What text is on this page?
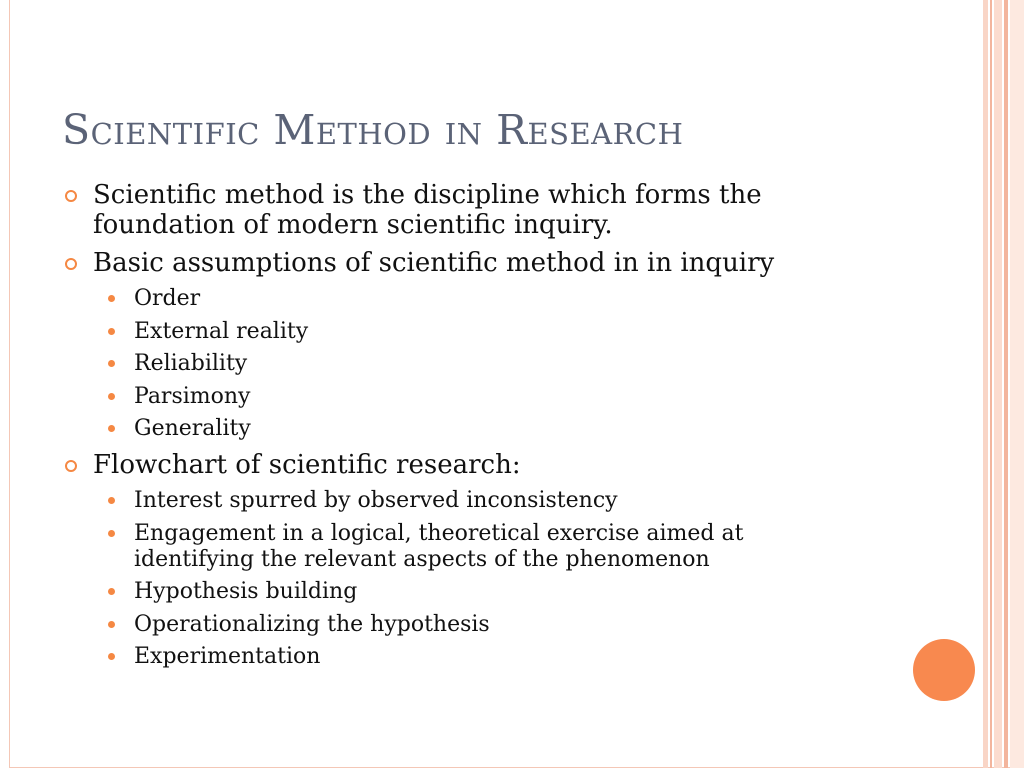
Scientific Method in Research
Scientific method is the discipline which forms the
foundation of modern scientific inquiry.
Basic assumptions of scientific method in in inquiry
Order
External reality
Reliability
Parsimony
Generality
Flowchart of scientific research:
Interest spurred by observed inconsistency
Engagement in a logical, theoretical exercise aimed at identifying the relevant aspects of the phenomenon
Hypothesis building
Operationalizing the hypothesis
Experimentation
